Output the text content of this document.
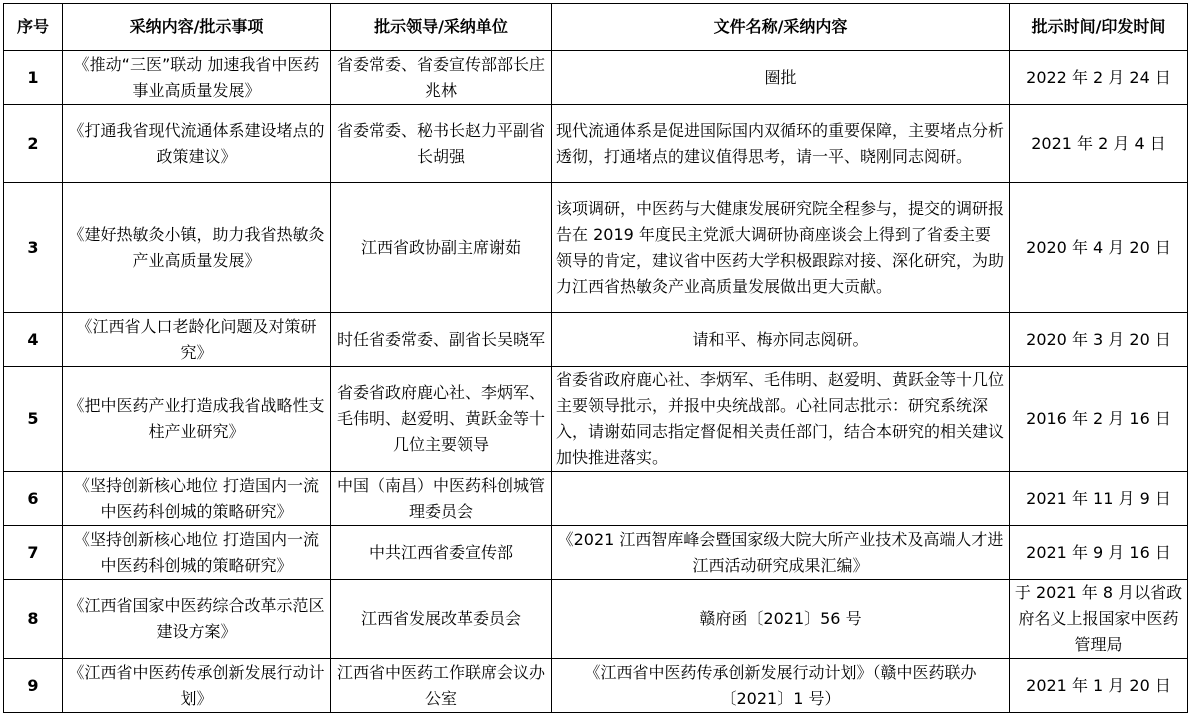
序号	采纳内容/批示事项	批示领导/采纳单位	文件名称/采纳内容	批示时间/印发时间
1	《推动“三医”联动 加速我省中医药事业高质量发展》	省委常委、省委宣传部部长庄兆林	圈批	2022 年 2 月 24 日
2	《打通我省现代流通体系建设堵点的政策建议》	省委常委、秘书长赵力平副省长胡强	现代流通体系是促进国际国内双循环的重要保障，主要堵点分析透彻，打通堵点的建议值得思考，请一平、晓刚同志阅研。	2021 年 2 月 4 日
3	《建好热敏灸小镇，助力我省热敏灸产业高质量发展》	江西省政协副主席谢茹	该项调研，中医药与大健康发展研究院全程参与，提交的调研报告在 2019 年度民主党派大调研协商座谈会上得到了省委主要领导的肯定，建议省中医药大学积极跟踪对接、深化研究，为助力江西省热敏灸产业高质量发展做出更大贡献。	2020 年 4 月 20 日
4	《江西省人口老龄化问题及对策研究》	时任省委常委、副省长吴晓军	请和平、梅亦同志阅研。	2020 年 3 月 20 日
5	《把中医药产业打造成我省战略性支柱产业研究》	省委省政府鹿心社、李炳军、毛伟明、赵爱明、黄跃金等十几位主要领导	省委省政府鹿心社、李炳军、毛伟明、赵爱明、黄跃金等十几位主要领导批示，并报中央统战部。心社同志批示：研究系统深入，请谢茹同志指定督促相关责任部门，结合本研究的相关建议加快推进落实。	2016 年 2 月 16 日
6	《坚持创新核心地位 打造国内一流中医药科创城的策略研究》	中国（南昌）中医药科创城管理委员会		2021 年 11 月 9 日
7	《坚持创新核心地位 打造国内一流中医药科创城的策略研究》	中共江西省委宣传部	《2021 江西智库峰会暨国家级大院大所产业技术及高端人才进江西活动研究成果汇编》	2021 年 9 月 16 日
8	《江西省国家中医药综合改革示范区建设方案》	江西省发展改革委员会	赣府函〔2021〕56 号	于 2021 年 8 月以省政府名义上报国家中医药管理局
9	《江西省中医药传承创新发展行动计划》	江西省中医药工作联席会议办公室	《江西省中医药传承创新发展行动计划》（赣中医药联办〔2021〕1 号）	2021 年 1 月 20 日
